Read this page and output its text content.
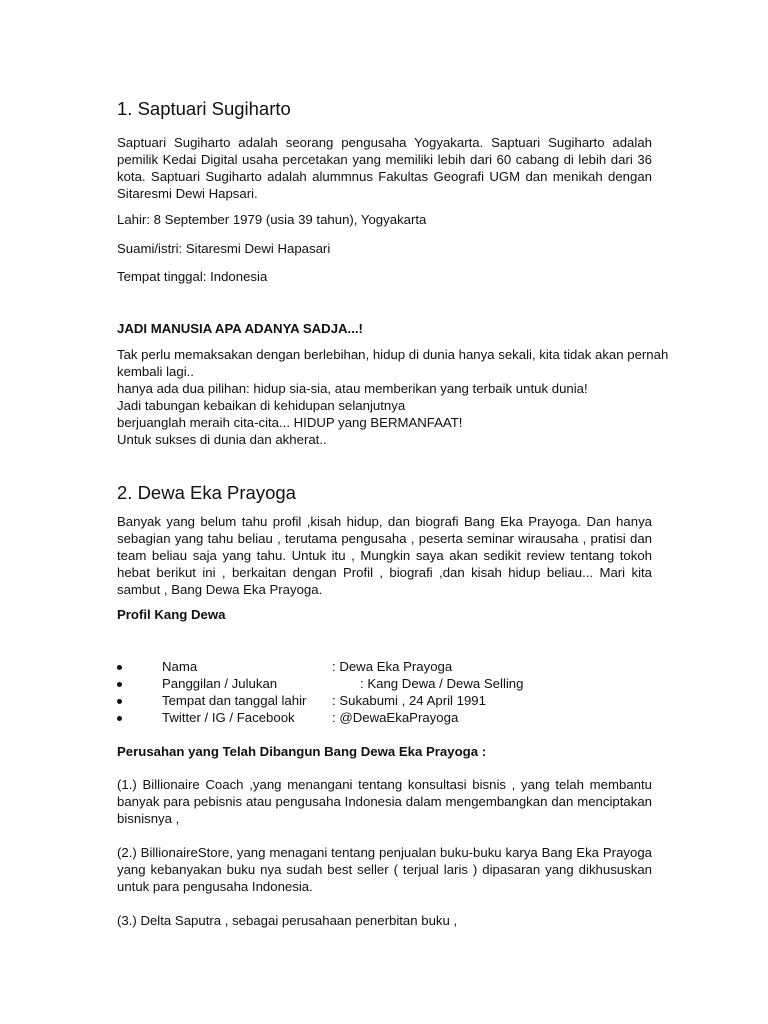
1. Saptuari Sugiharto

Saptuari Sugiharto adalah seorang pengusaha Yogyakarta. Saptuari Sugiharto adalah pemilik Kedai Digital usaha percetakan yang memiliki lebih dari 60 cabang di lebih dari 36 kota. Saptuari Sugiharto adalah alummnus Fakultas Geografi UGM dan menikah dengan Sitaresmi Dewi Hapsari.

Lahir: 8 September 1979 (usia 39 tahun), Yogyakarta

Suami/istri: Sitaresmi Dewi Hapasari

Tempat tinggal: Indonesia

JADI MANUSIA APA ADANYA SADJA...!

Tak perlu memaksakan dengan berlebihan, hidup di dunia hanya sekali, kita tidak akan pernah

kembali lagi..

hanya ada dua pilihan: hidup sia-sia, atau memberikan yang terbaik untuk dunia!

Jadi tabungan kebaikan di kehidupan selanjutnya

berjuanglah meraih cita-cita... HIDUP yang BERMANFAAT!

Untuk sukses di dunia dan akherat..

2. Dewa Eka Prayoga

Banyak yang belum tahu profil ,kisah hidup, dan biografi Bang Eka Prayoga. Dan hanya sebagian yang tahu beliau , terutama pengusaha , peserta seminar wirausaha , pratisi dan team beliau saja yang tahu. Untuk itu , Mungkin saya akan sedikit review tentang tokoh hebat berikut ini , berkaitan dengan Profil , biografi ,dan kisah hidup beliau... Mari kita sambut , Bang Dewa Eka Prayoga.

Profil Kang Dewa

Nama	: Dewa Eka Prayoga
Panggilan / Julukan	: Kang Dewa / Dewa Selling
Tempat dan tanggal lahir : Sukabumi , 24 April 1991
Twitter / IG / Facebook	: @DewaEkaPrayoga

Perusahan yang Telah Dibangun Bang Dewa Eka Prayoga :

(1.) Billionaire Coach ,yang menangani tentang konsultasi bisnis , yang telah membantu banyak para pebisnis atau pengusaha Indonesia dalam mengembangkan dan menciptakan bisnisnya ,

(2.) BillionaireStore, yang menagani tentang penjualan buku-buku karya Bang Eka Prayoga yang kebanyakan buku nya sudah best seller ( terjual laris ) dipasaran yang dikhususkan untuk para pengusaha Indonesia.

(3.) Delta Saputra , sebagai perusahaan penerbitan buku ,
